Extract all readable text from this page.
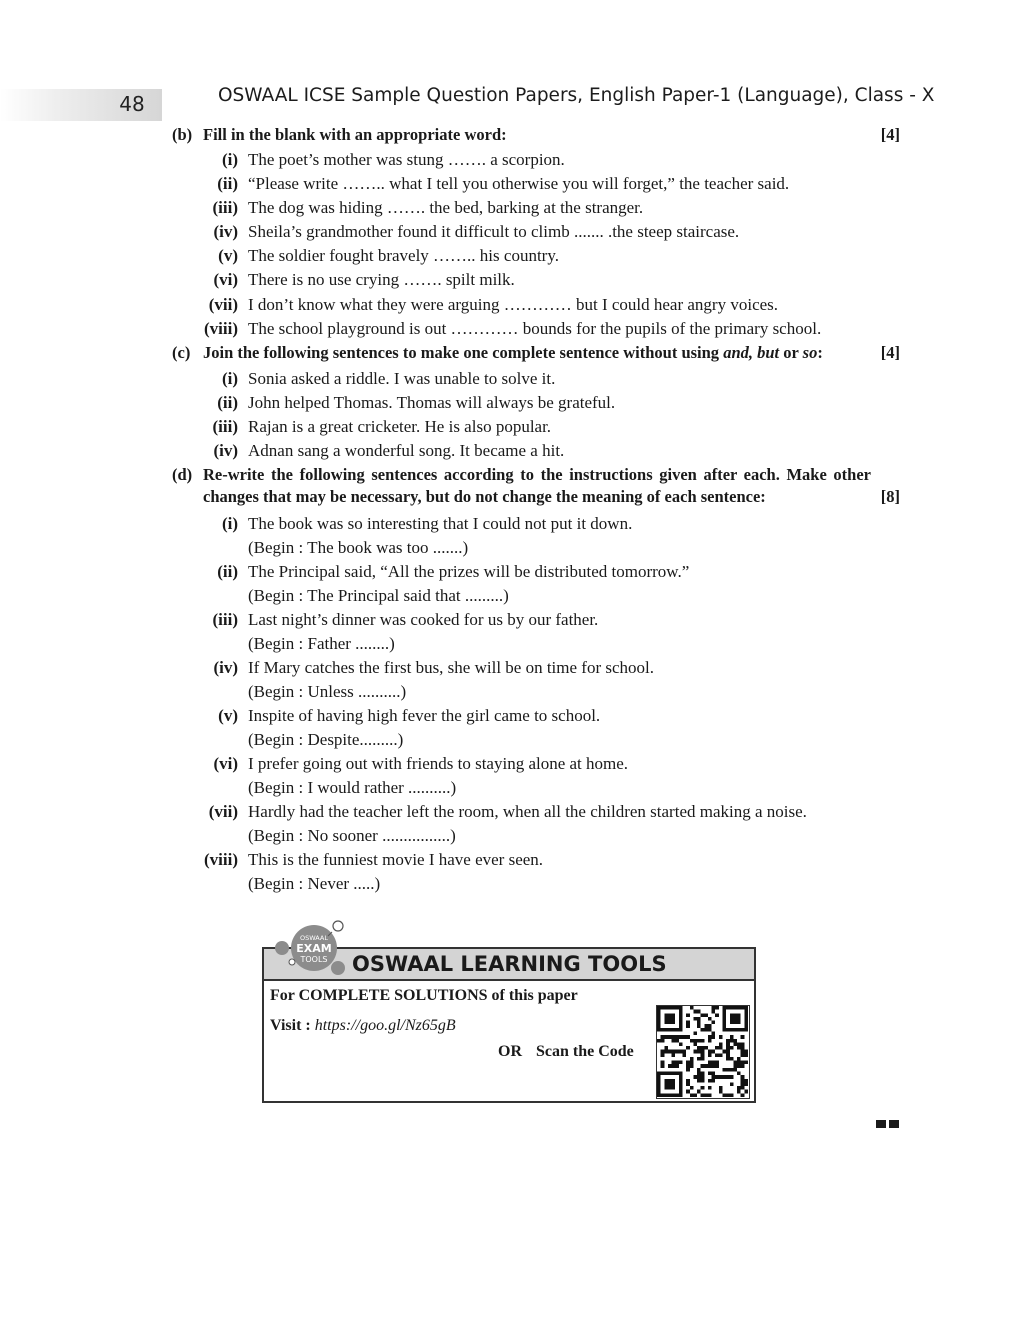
48	OSWAAL ICSE Sample Question Papers, English Paper-1 (Language), Class - X
(b) Fill in the blank with an appropriate word:	[4]
(i) The poet’s mother was stung ……. a scorpion.
(ii) “Please write …….. what I tell you otherwise you will forget,” the teacher said.
(iii) The dog was hiding ……. the bed, barking at the stranger.
(iv) Sheila’s grandmother found it difficult to climb ....... .the steep staircase.
(v) The soldier fought bravely …….. his country.
(vi) There is no use crying ……. spilt milk.
(vii) I don’t know what they were arguing ………… but I could hear angry voices.
(viii) The school playground is out ………… bounds for the pupils of the primary school.
(c) Join the following sentences to make one complete sentence without using and, but or so:	[4]
(i) Sonia asked a riddle. I was unable to solve it.
(ii) John helped Thomas. Thomas will always be grateful.
(iii) Rajan is a great cricketer. He is also popular.
(iv) Adnan sang a wonderful song. It became a hit.
(d) Re-write the following sentences according to the instructions given after each. Make other changes that may be necessary, but do not change the meaning of each sentence:	[8]
(i) The book was so interesting that I could not put it down.
(Begin : The book was too .......)
(ii) The Principal said, “All the prizes will be distributed tomorrow.”
(Begin : The Principal said that .........)
(iii) Last night’s dinner was cooked for us by our father.
(Begin : Father ........)
(iv) If Mary catches the first bus, she will be on time for school.
(Begin : Unless ..........)
(v) Inspite of having high fever the girl came to school.
(Begin : Despite.........)
(vi) I prefer going out with friends to staying alone at home.
(Begin : I would rather ..........)
(vii) Hardly had the teacher left the room, when all the children started making a noise.
(Begin : No sooner ................)
(viii) This is the funniest movie I have ever seen.
(Begin : Never .....)
OSWAAL LEARNING TOOLS
For COMPLETE SOLUTIONS of this paper
Visit : https://goo.gl/Nz65gB
OR Scan the Code
OSWAAL
EXAM
TOOLS
